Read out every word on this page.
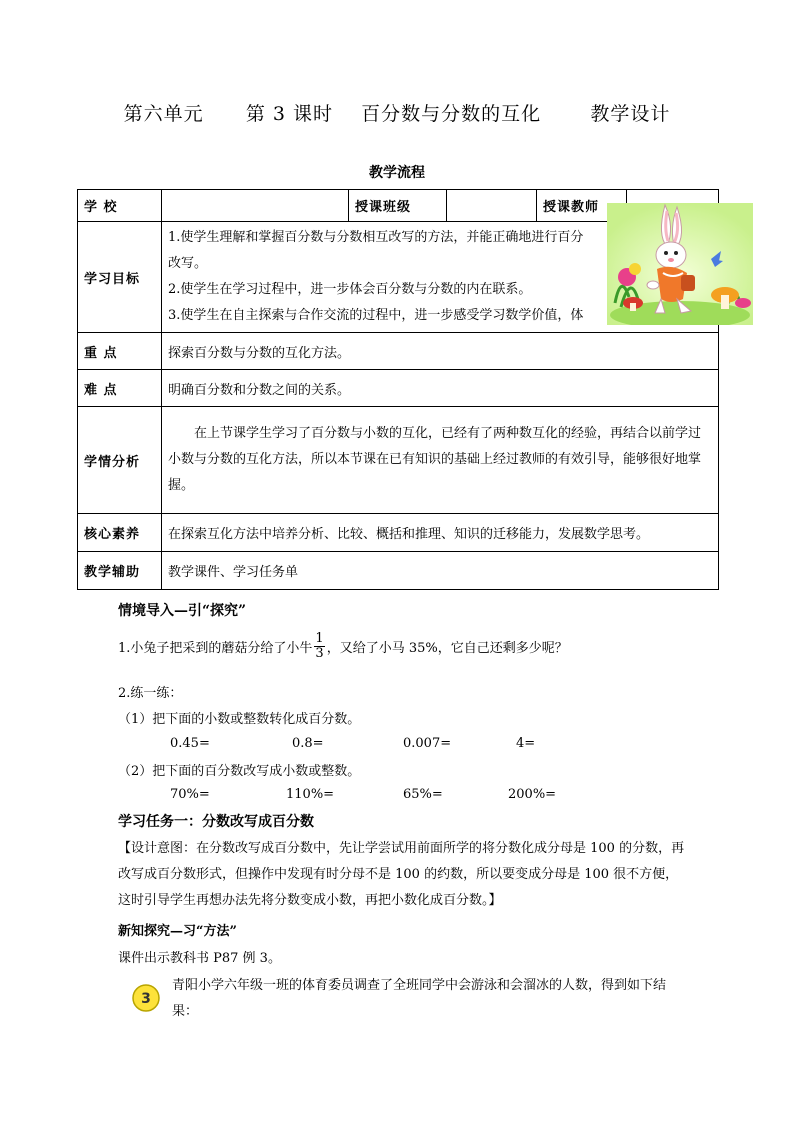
第六单元      第 3 课时    百分数与分数的互化       教学设计
教学流程
学 校		授课班级		授课教师	
学习目标	1.使学生理解和掌握百分数与分数相互改写的方法，并能正确地进行百分
改写。
2.使学生在学习过程中，进一步体会百分数与分数的内在联系。
3.使学生在自主探索与合作交流的过程中，进一步感受学习数学价值，体				

重 点	探索百分数与分数的互化方法。				
难 点	明确百分数和分数之间的关系。				
学情分析	在上节课学生学习了百分数与小数的互化，已经有了两种数互化的经验，再结合以前学过小数与分数的互化方法，所以本节课在已有知识的基础上经过教师的有效引导，能够很好地掌握。				
核心素养	在探索互化方法中培养分析、比较、概括和推理、知识的迁移能力，发展数学思考。				
教学辅助	教学课件、学习任务单				
情境导入—引“探究”
1.小兔子把采到的蘑菇分给了小牛 $\frac{1}{3}$ ，又给了小马 35%，它自己还剩多少呢？
2.练一练：
（1）把下面的小数或整数转化成百分数。
0.45=	0.8=	0.007=	4=
（2）把下面的百分数改写成小数或整数。
70%=	110%=	65%=	200%=
学习任务一：分数改写成百分数
【设计意图：在分数改写成百分数中，先让学尝试用前面所学的将分数化成分母是 100 的分数，再改写成百分数形式，但操作中发现有时分母不是 100 的约数，所以要变成分母是 100 很不方便，这时引导学生再想办法先将分数变成小数，再把小数化成百分数。】
新知探究—习“方法”
课件出示教科书 P87 例 3。
3
青阳小学六年级一班的体育委员调查了全班同学中会游泳和会溜冰的人数，得到如下结果：
